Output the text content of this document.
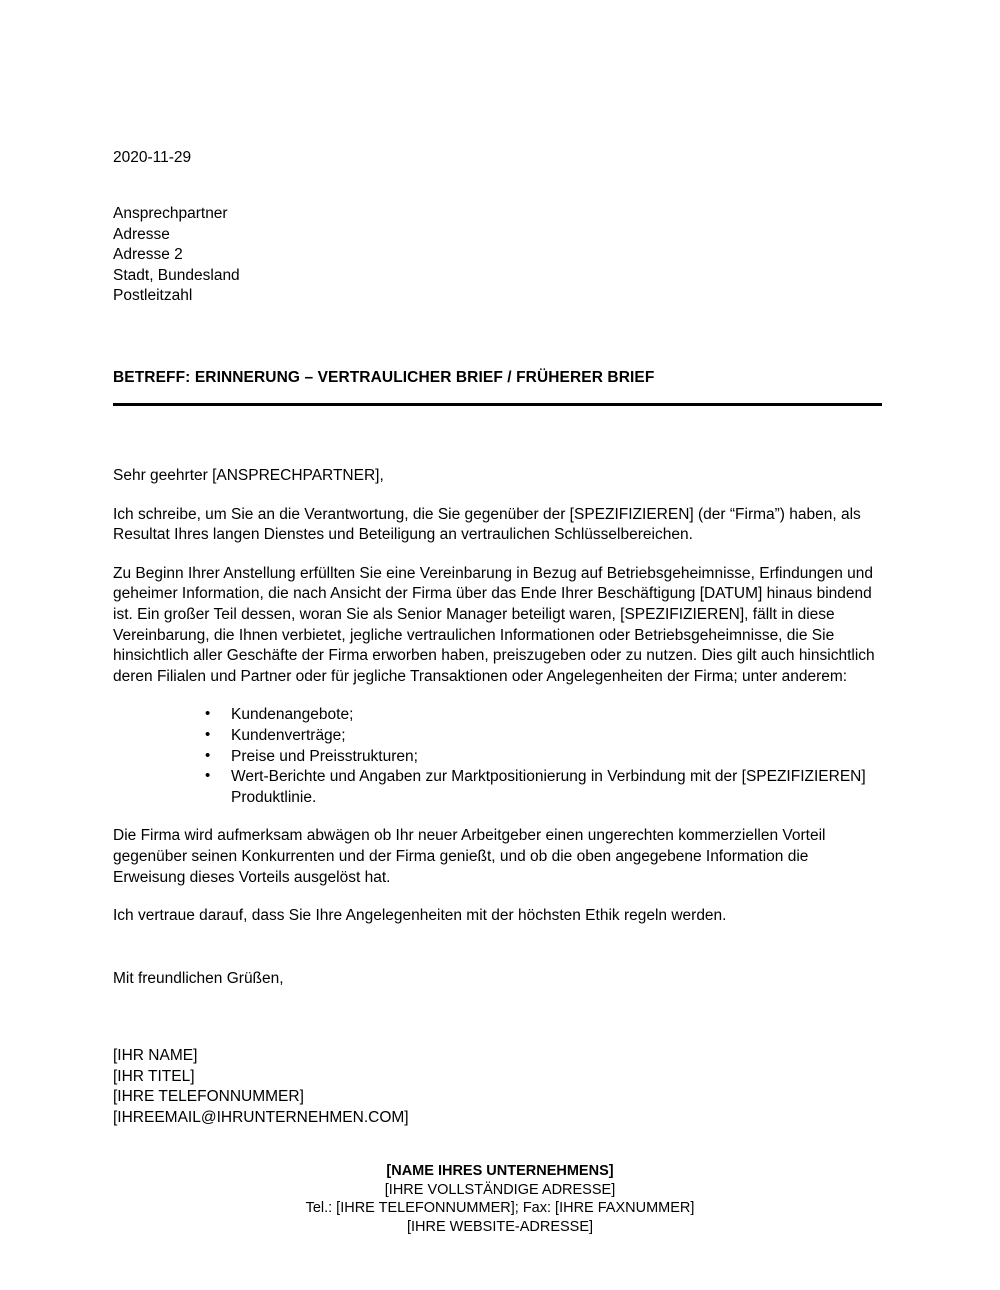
2020-11-29
Ansprechpartner
Adresse
Adresse 2
Stadt, Bundesland
Postleitzahl
BETREFF: ERINNERUNG – VERTRAULICHER BRIEF / FRÜHERER BRIEF

Sehr geehrter [ANSPRECHPARTNER],

Ich schreibe, um Sie an die Verantwortung, die Sie gegenüber der [SPEZIFIZIEREN] (der “Firma”) haben, als Resultat Ihres langen Dienstes und Beteiligung an vertraulichen Schlüsselbereichen.

Zu Beginn Ihrer Anstellung erfüllten Sie eine Vereinbarung in Bezug auf Betriebsgeheimnisse, Erfindungen und geheimer Information, die nach Ansicht der Firma über das Ende Ihrer Beschäftigung [DATUM] hinaus bindend ist. Ein großer Teil dessen, woran Sie als Senior Manager beteiligt waren, [SPEZIFIZIEREN], fällt in diese Vereinbarung, die Ihnen verbietet, jegliche vertraulichen Informationen oder Betriebsgeheimnisse, die Sie hinsichtlich aller Geschäfte der Firma erworben haben, preiszugeben oder zu nutzen. Dies gilt auch hinsichtlich deren Filialen und Partner oder für jegliche Transaktionen oder Angelegenheiten der Firma; unter anderem:

• Kundenangebote;
• Kundenverträge;
• Preise und Preisstrukturen;
• Wert-Berichte und Angaben zur Marktpositionierung in Verbindung mit der [SPEZIFIZIEREN] Produktlinie.

Die Firma wird aufmerksam abwägen ob Ihr neuer Arbeitgeber einen ungerechten kommerziellen Vorteil gegenüber seinen Konkurrenten und der Firma genießt, und ob die oben angegebene Information die Erweisung dieses Vorteils ausgelöst hat.

Ich vertraue darauf, dass Sie Ihre Angelegenheiten mit der höchsten Ethik regeln werden.

Mit freundlichen Grüßen,

[IHR NAME]
[IHR TITEL]
[IHRE TELEFONNUMMER]
[IHREEMAIL@IHRUNTERNEHMEN.COM]
[NAME IHRES UNTERNEHMENS]
[IHRE VOLLSTÄNDIGE ADRESSE]
Tel.: [IHRE TELEFONNUMMER]; Fax: [IHRE FAXNUMMER]
[IHRE WEBSITE-ADRESSE]
